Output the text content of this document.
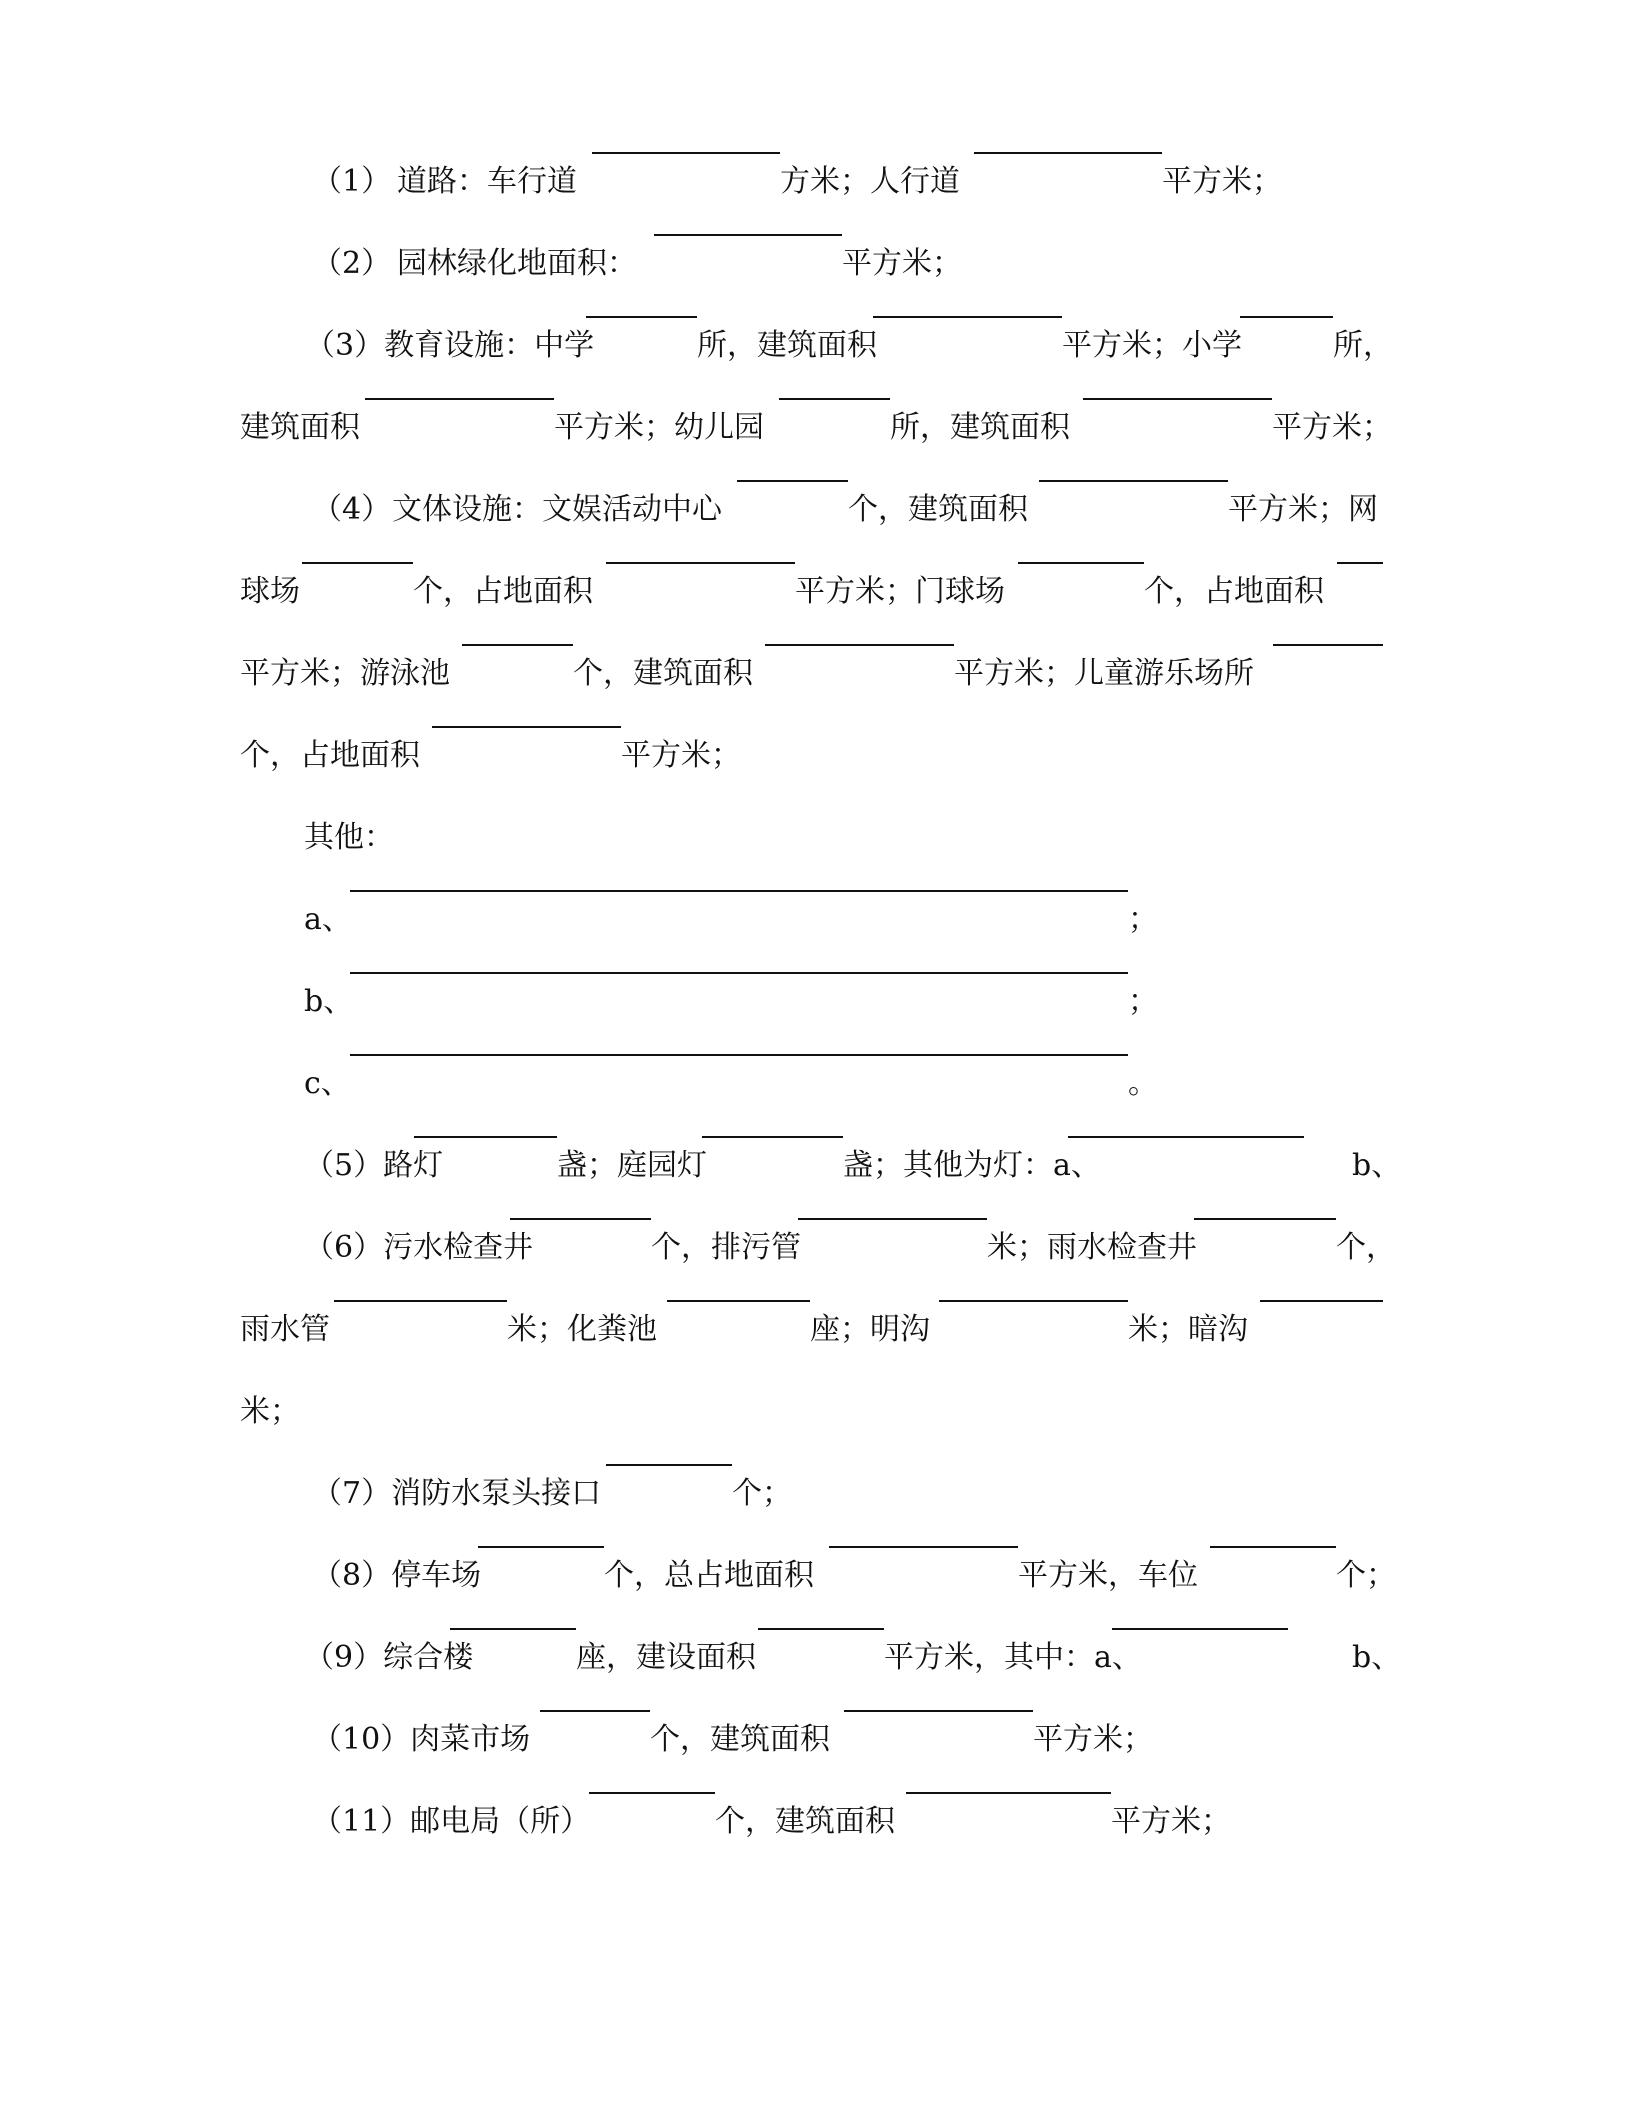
（1） 道路：车行道	方米；人行道	平方米；
（2） 园林绿化地面积：	平方米；
（3）教育设施：中学	所，建筑面积	平方米；小学	所，
建筑面积	平方米；幼儿园	所，建筑面积	平方米；
（4） 文体设施：文娱活动中心	个，建筑面积	平方米；网
球场	个，占地面积	平方米；门球场	个，占地面积
平方米；游泳池	个，建筑面积	平方米；儿童游乐场所
个，占地面积	平方米；
其他：
a、	；
b、	；
c、	。
（5）路灯	盏；庭园灯	盏；其他为灯：a、	b、
（6）污水检查井	个，排污管	米；雨水检查井	个，
雨水管	米；化粪池	座；明沟	米；暗沟
米；
（7）消防水泵头接口	个；
（8）停车场	个，总占地面积	平方米，车位	个；
（9）综合楼	座，建设面积	平方米，其中：a、	b、
（10）肉菜市场	个，建筑面积	平方米；
（11）邮电局（所）	个，建筑面积	平方米；
